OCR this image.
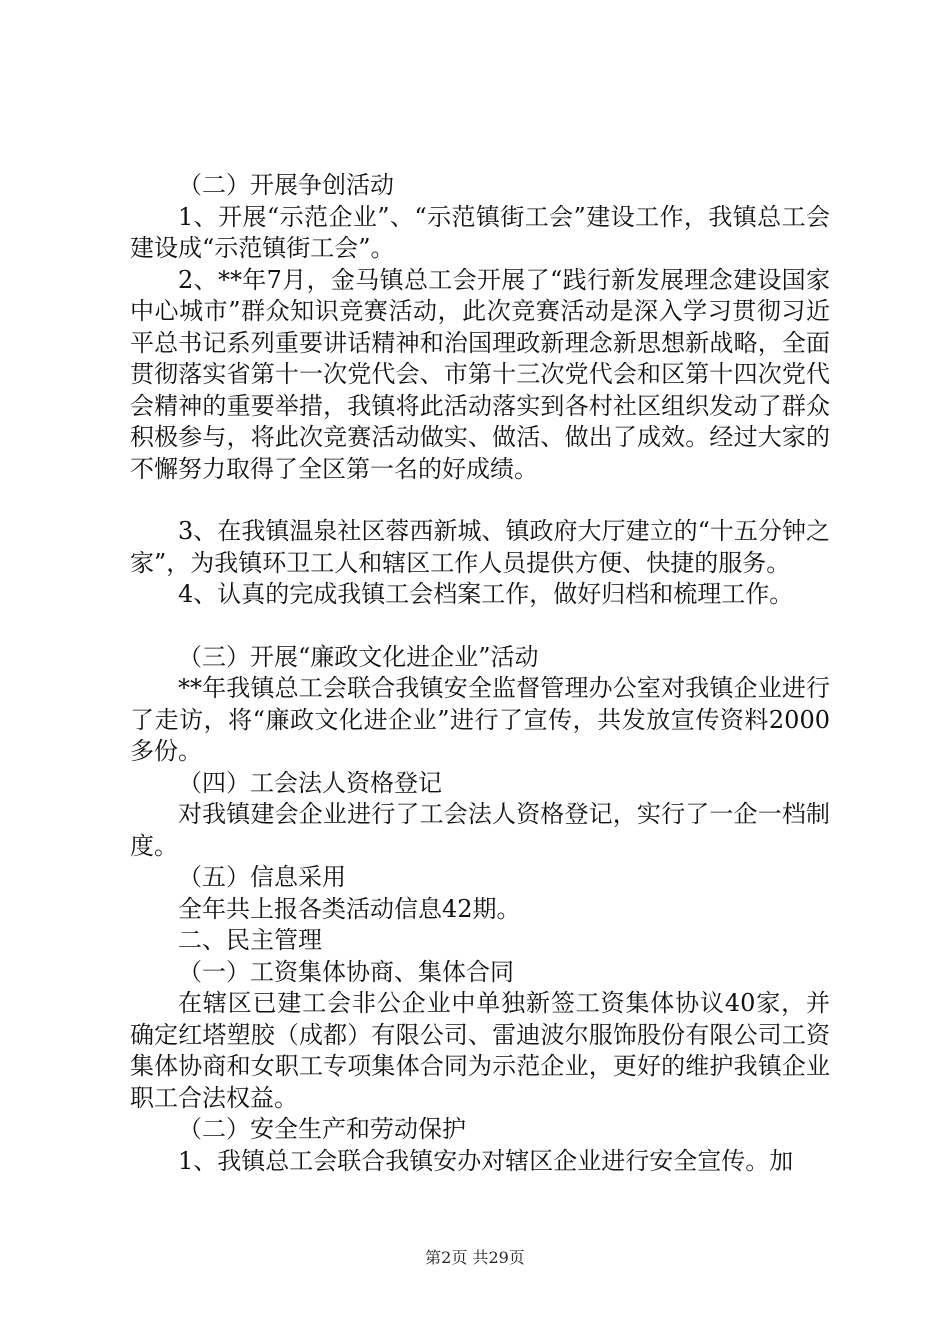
（二）开展争创活动

1、开展“示范企业”、“示范镇街工会”建设工作，我镇总工会建设成“示范镇街工会”。

2、**年7月，金马镇总工会开展了“践行新发展理念建设国家中心城市”群众知识竞赛活动，此次竞赛活动是深入学习贯彻习近平总书记系列重要讲话精神和治国理政新理念新思想新战略，全面贯彻落实省第十一次党代会、市第十三次党代会和区第十四次党代会精神的重要举措，我镇将此活动落实到各村社区组织发动了群众积极参与，将此次竞赛活动做实、做活、做出了成效。经过大家的不懈努力取得了全区第一名的好成绩。

3、在我镇温泉社区蓉西新城、镇政府大厅建立的“十五分钟之家”，为我镇环卫工人和辖区工作人员提供方便、快捷的服务。

4、认真的完成我镇工会档案工作，做好归档和梳理工作。

（三）开展“廉政文化进企业”活动

**年我镇总工会联合我镇安全监督管理办公室对我镇企业进行了走访，将“廉政文化进企业”进行了宣传，共发放宣传资料2000多份。

（四）工会法人资格登记

对我镇建会企业进行了工会法人资格登记，实行了一企一档制度。

（五）信息采用

全年共上报各类活动信息42期。

二、民主管理

（一）工资集体协商、集体合同

在辖区已建工会非公企业中单独新签工资集体协议40家，并确定红塔塑胶（成都）有限公司、雷迪波尔服饰股份有限公司工资集体协商和女职工专项集体合同为示范企业，更好的维护我镇企业职工合法权益。

（二）安全生产和劳动保护

1、我镇总工会联合我镇安办对辖区企业进行安全宣传。加

第2页 共29页
